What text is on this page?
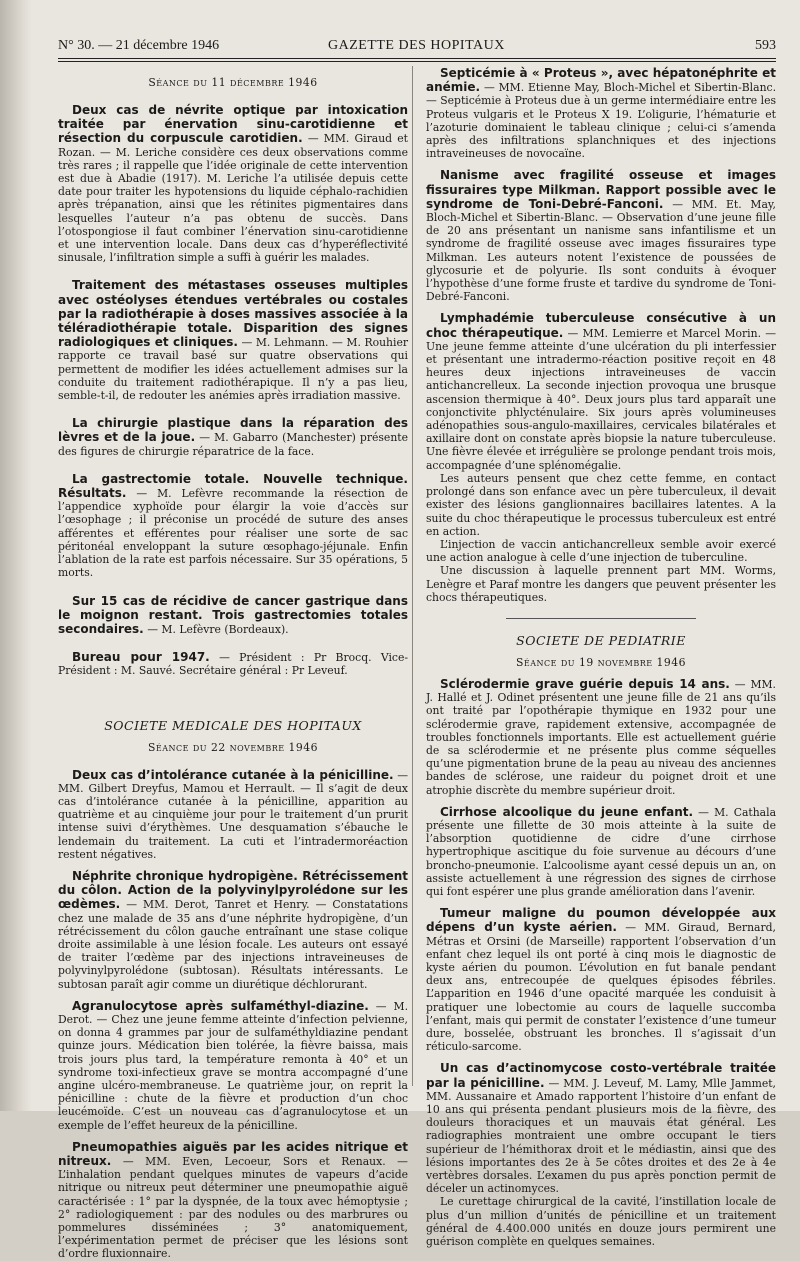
N° 30. — 21 décembre 1946	GAZETTE DES HOPITAUX	593
Séance du 11 décembre 1946

Deux cas de névrite optique par intoxication traitée par énervation sinu-carotidienne et résection du corpuscule carotidien. — MM. Giraud et Rozan. — M. Leriche considère ces deux observations comme très rares ; il rappelle que l’idée originale de cette intervention est due à Abadie (1917). M. Leriche l’a utilisée depuis cette date pour traiter les hypotensions du liquide céphalo-rachidien après trépanation, ainsi que les rétinites pigmentaires dans lesquelles l’auteur n’a pas obtenu de succès. Dans l’otospongiose il faut combiner l’énervation sinu-carotidienne et une intervention locale. Dans deux cas d’hyperéflectivité sinusale, l’infiltration simple a suffi à guérir les malades.

Traitement des métastases osseuses multiples avec ostéolyses étendues vertébrales ou costales par la radiothérapie à doses massives associée à la téléradiothérapie totale. Disparition des signes radiologiques et cliniques. — M. Lehmann. — M. Rouhier rapporte ce travail basé sur quatre observations qui permettent de modifier les idées actuellement admises sur la conduite du traitement radiothérapique. Il n’y a pas lieu, semble-t-il, de redouter les anémies après irradiation massive.

La chirurgie plastique dans la réparation des lèvres et de la joue. — M. Gabarro (Manchester) présente des figures de chirurgie réparatrice de la face.

La gastrectomie totale. Nouvelle technique. Résultats. — M. Lefèvre recommande la résection de l’appendice xyphoïde pour élargir la voie d’accès sur l’œsophage ; il préconise un procédé de suture des anses afférentes et efférentes pour réaliser une sorte de sac péritonéal enveloppant la suture œsophago-jéjunale. Enfin l’ablation de la rate est parfois nécessaire. Sur 35 opérations, 5 morts.

Sur 15 cas de récidive de cancer gastrique dans le moignon restant. Trois gastrectomies totales secondaires. — M. Lefèvre (Bordeaux).

Bureau pour 1947. — Président : Pr Brocq. Vice-Président : M. Sauvé. Secrétaire général : Pr Leveuf.

SOCIETE MEDICALE DES HOPITAUX
Séance du 22 novembre 1946

Deux cas d’intolérance cutanée à la pénicilline. — MM. Gilbert Dreyfus, Mamou et Herrault. — Il s’agit de deux cas d’intolérance cutanée à la pénicilline, apparition au quatrième et au cinquième jour pour le traitement d’un prurit intense suivi d’érythèmes. Une desquamation s’ébauche le lendemain du traitement. La cuti et l’intradermoréaction restent négatives.

Néphrite chronique hydropigène. Rétrécissement du côlon. Action de la polyvinylpyrolédone sur les œdèmes. — MM. Derot, Tanret et Henry. — Constatations chez une malade de 35 ans d’une néphrite hydropigène, d’un rétrécissement du côlon gauche entraînant une stase colique droite assimilable à une lésion focale. Les auteurs ont essayé de traiter l’œdème par des injections intraveineuses de polyvinylpyrolédone (subtosan). Résultats intéressants. Le subtosan paraît agir comme un diurétique déchlorurant.

Agranulocytose après sulfaméthyl-diazine. — M. Derot. — Chez une jeune femme atteinte d’infection pelvienne, on donna 4 grammes par jour de sulfaméthyldiazine pendant quinze jours. Médication bien tolérée, la fièvre baissa, mais trois jours plus tard, la température remonta à 40° et un syndrome toxi-infectieux grave se montra accompagné d’une angine ulcéro-membraneuse. Le quatrième jour, on reprit la pénicilline : chute de la fièvre et production d’un choc leucémoïde. C’est un nouveau cas d’agranulocytose et un exemple de l’effet heureux de la pénicilline.

Pneumopathies aiguës par les acides nitrique et nitreux. — MM. Even, Lecoeur, Sors et Renaux. — L’inhalation pendant quelques minutes de vapeurs d’acide nitrique ou nitreux peut déterminer une pneumopathie aiguë caractérisée : 1° par la dyspnée, de la toux avec hémoptysie ; 2° radiologiquement : par des nodules ou des marbrures ou pommelures disséminées ; 3° anatomiquement, l’expérimentation permet de préciser que les lésions sont d’ordre fluxionnaire.

Septicémie à « Proteus », avec hépatonéphrite et anémie. — MM. Etienne May, Bloch-Michel et Sibertin-Blanc. — Septicémie à Proteus due à un germe intermédiaire entre les Proteus vulgaris et le Proteus X 19. L’oligurie, l’hématurie et l’azoturie dominaient le tableau clinique ; celui-ci s’amenda après des infiltrations splanchniques et des injections intraveineuses de novocaïne.

Nanisme avec fragilité osseuse et images fissuraires type Milkman. Rapport possible avec le syndrome de Toni-Debré-Fanconi. — MM. Et. May, Bloch-Michel et Sibertin-Blanc. — Observation d’une jeune fille de 20 ans présentant un nanisme sans infantilisme et un syndrome de fragilité osseuse avec images fissuraires type Milkman. Les auteurs notent l’existence de poussées de glycosurie et de polyurie. Ils sont conduits à évoquer l’hypothèse d’une forme fruste et tardive du syndrome de Toni-Debré-Fanconi.

Lymphadémie tuberculeuse consécutive à un choc thérapeutique. — MM. Lemierre et Marcel Morin. — Une jeune femme atteinte d’une ulcération du pli interfessier et présentant une intradermo-réaction positive reçoit en 48 heures deux injections intraveineuses de vaccin antichancrelleux. La seconde injection provoqua une brusque ascension thermique à 40°. Deux jours plus tard apparaît une conjonctivite phlycténulaire. Six jours après volumineuses adénopathies sous-angulo-maxillaires, cervicales bilatérales et axillaire dont on constate après biopsie la nature tuberculeuse. Une fièvre élevée et irrégulière se prolonge pendant trois mois, accompagnée d’une splénomégalie.

Les auteurs pensent que chez cette femme, en contact prolongé dans son enfance avec un père tuberculeux, il devait exister des lésions ganglionnaires bacillaires latentes. A la suite du choc thérapeutique le processus tuberculeux est entré en action.

L’injection de vaccin antichancrelleux semble avoir exercé une action analogue à celle d’une injection de tuberculine.

Une discussion à laquelle prennent part MM. Worms, Lenègre et Paraf montre les dangers que peuvent présenter les chocs thérapeutiques.

SOCIETE DE PEDIATRIE
Séance du 19 novembre 1946

Sclérodermie grave guérie depuis 14 ans. — MM. J. Hallé et J. Odinet présentent une jeune fille de 21 ans qu’ils ont traité par l’opothérapie thymique en 1932 pour une sclérodermie grave, rapidement extensive, accompagnée de troubles fonctionnels importants. Elle est actuellement guérie de sa sclérodermie et ne présente plus comme séquelles qu’une pigmentation brune de la peau au niveau des anciennes bandes de sclérose, une raideur du poignet droit et une atrophie discrète du membre supérieur droit.

Cirrhose alcoolique du jeune enfant. — M. Cathala présente une fillette de 30 mois atteinte à la suite de l’absorption quotidienne de cidre d’une cirrhose hypertrophique ascitique du foie survenue au décours d’une broncho-pneumonie. L’alcoolisme ayant cessé depuis un an, on assiste actuellement à une régression des signes de cirrhose qui font espérer une plus grande amélioration dans l’avenir.

Tumeur maligne du poumon développée aux dépens d’un kyste aérien. — MM. Giraud, Bernard, Métras et Orsini (de Marseille) rapportent l’observation d’un enfant chez lequel ils ont porté à cinq mois le diagnostic de kyste aérien du poumon. L’évolution en fut banale pendant deux ans, entrecoupée de quelques épisodes fébriles. L’apparition en 1946 d’une opacité marquée les conduisit à pratiquer une lobectomie au cours de laquelle succomba l’enfant, mais qui permit de constater l’existence d’une tumeur dure, bosselée, obstruant les bronches. Il s’agissait d’un réticulo-sarcome.

Un cas d’actinomycose costo-vertébrale traitée par la pénicilline. — MM. J. Leveuf, M. Lamy, Mlle Jammet, MM. Aussanaire et Amado rapportent l’histoire d’un enfant de 10 ans qui présenta pendant plusieurs mois de la fièvre, des douleurs thoraciques et un mauvais état général. Les radiographies montraient une ombre occupant le tiers supérieur de l’hémithorax droit et le médiastin, ainsi que des lésions importantes des 2e à 5e côtes droites et des 2e à 4e vertèbres dorsales. L’examen du pus après ponction permit de déceler un actinomyces.

Le curettage chirurgical de la cavité, l’instillation locale de plus d’un million d’unités de pénicilline et un traitement général de 4.400.000 unités en douze jours permirent une guérison complète en quelques semaines.
